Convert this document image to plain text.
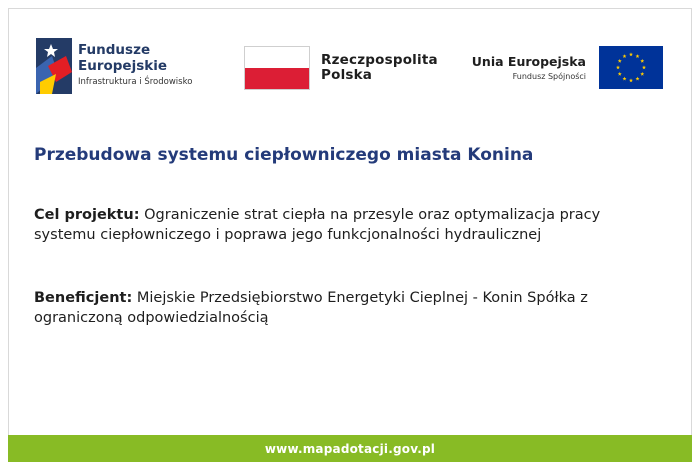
Fundusze
Europejskie
Infrastruktura i Środowisko
Rzeczpospolita
Polska
Unia Europejska
Fundusz Spójności
Przebudowa systemu ciepłowniczego miasta Konina
Cel projektu: Ograniczenie strat ciepła na przesyle oraz optymalizacja pracy systemu ciepłowniczego i poprawa jego funkcjonalności hydraulicznej
Beneficjent: Miejskie Przedsiębiorstwo Energetyki Cieplnej - Konin Spółka z ograniczoną odpowiedzialnością
www.mapadotacji.gov.pl
